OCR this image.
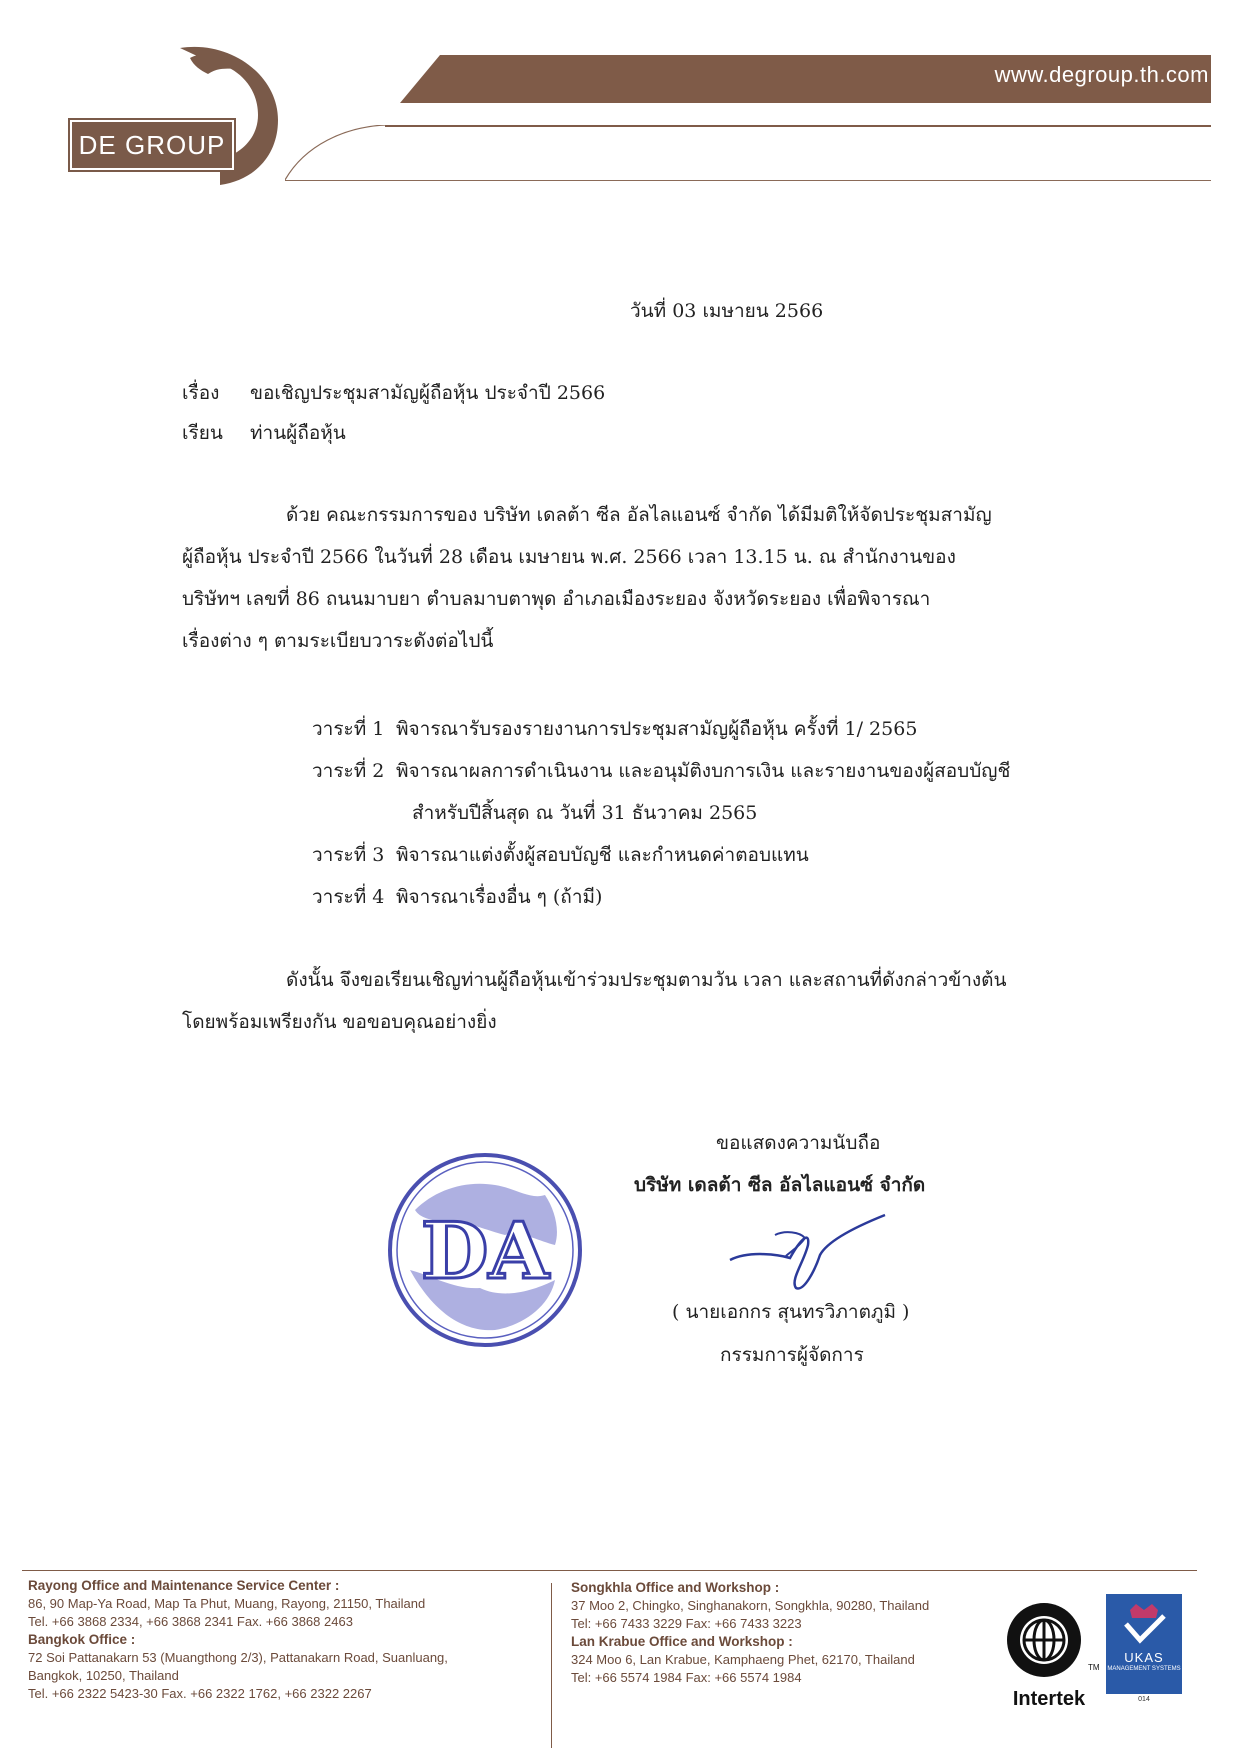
DE GROUP
www.degroup.th.com
วันที่ 03 เมษายน 2566
เรื่อง ขอเชิญประชุมสามัญผู้ถือหุ้น ประจำปี 2566
เรียน ท่านผู้ถือหุ้น
ด้วย คณะกรรมการของ บริษัท เดลต้า ซีล อัลไลแอนซ์ จำกัด ได้มีมติให้จัดประชุมสามัญ
ผู้ถือหุ้น ประจำปี 2566 ในวันที่ 28 เดือน เมษายน พ.ศ. 2566 เวลา 13.15 น. ณ สำนักงานของ
บริษัทฯ เลขที่ 86 ถนนมาบยา ตำบลมาบตาพุด อำเภอเมืองระยอง จังหวัดระยอง เพื่อพิจารณา
เรื่องต่าง ๆ ตามระเบียบวาระดังต่อไปนี้
วาระที่ 1 พิจารณารับรองรายงานการประชุมสามัญผู้ถือหุ้น ครั้งที่ 1/ 2565
วาระที่ 2 พิจารณาผลการดำเนินงาน และอนุมัติงบการเงิน และรายงานของผู้สอบบัญชี
สำหรับปีสิ้นสุด ณ วันที่ 31 ธันวาคม 2565
วาระที่ 3 พิจารณาแต่งตั้งผู้สอบบัญชี และกำหนดค่าตอบแทน
วาระที่ 4 พิจารณาเรื่องอื่น ๆ (ถ้ามี)
ดังนั้น จึงขอเรียนเชิญท่านผู้ถือหุ้นเข้าร่วมประชุมตามวัน เวลา และสถานที่ดังกล่าวข้างต้น
โดยพร้อมเพรียงกัน ขอขอบคุณอย่างยิ่ง
DA
ขอแสดงความนับถือ
บริษัท เดลต้า ซีล อัลไลแอนซ์ จำกัด
( นายเอกกร สุนทรวิภาตภูมิ )
กรรมการผู้จัดการ
Rayong Office and Maintenance Service Center :
86, 90 Map-Ya Road, Map Ta Phut, Muang, Rayong, 21150, Thailand
Tel. +66 3868 2334, +66 3868 2341 Fax. +66 3868 2463
Bangkok Office :
72 Soi Pattanakarn 53 (Muangthong 2/3), Pattanakarn Road, Suanluang,
Bangkok, 10250, Thailand
Tel. +66 2322 5423-30 Fax. +66 2322 1762, +66 2322 2267
Songkhla Office and Workshop :
37 Moo 2, Chingko, Singhanakorn, Songkhla, 90280, Thailand
Tel: +66 7433 3229 Fax: +66 7433 3223
Lan Krabue Office and Workshop :
324 Moo 6, Lan Krabue, Kamphaeng Phet, 62170, Thailand
Tel: +66 5574 1984 Fax: +66 5574 1984
TM
Intertek
UKAS
MANAGEMENT SYSTEMS
014
